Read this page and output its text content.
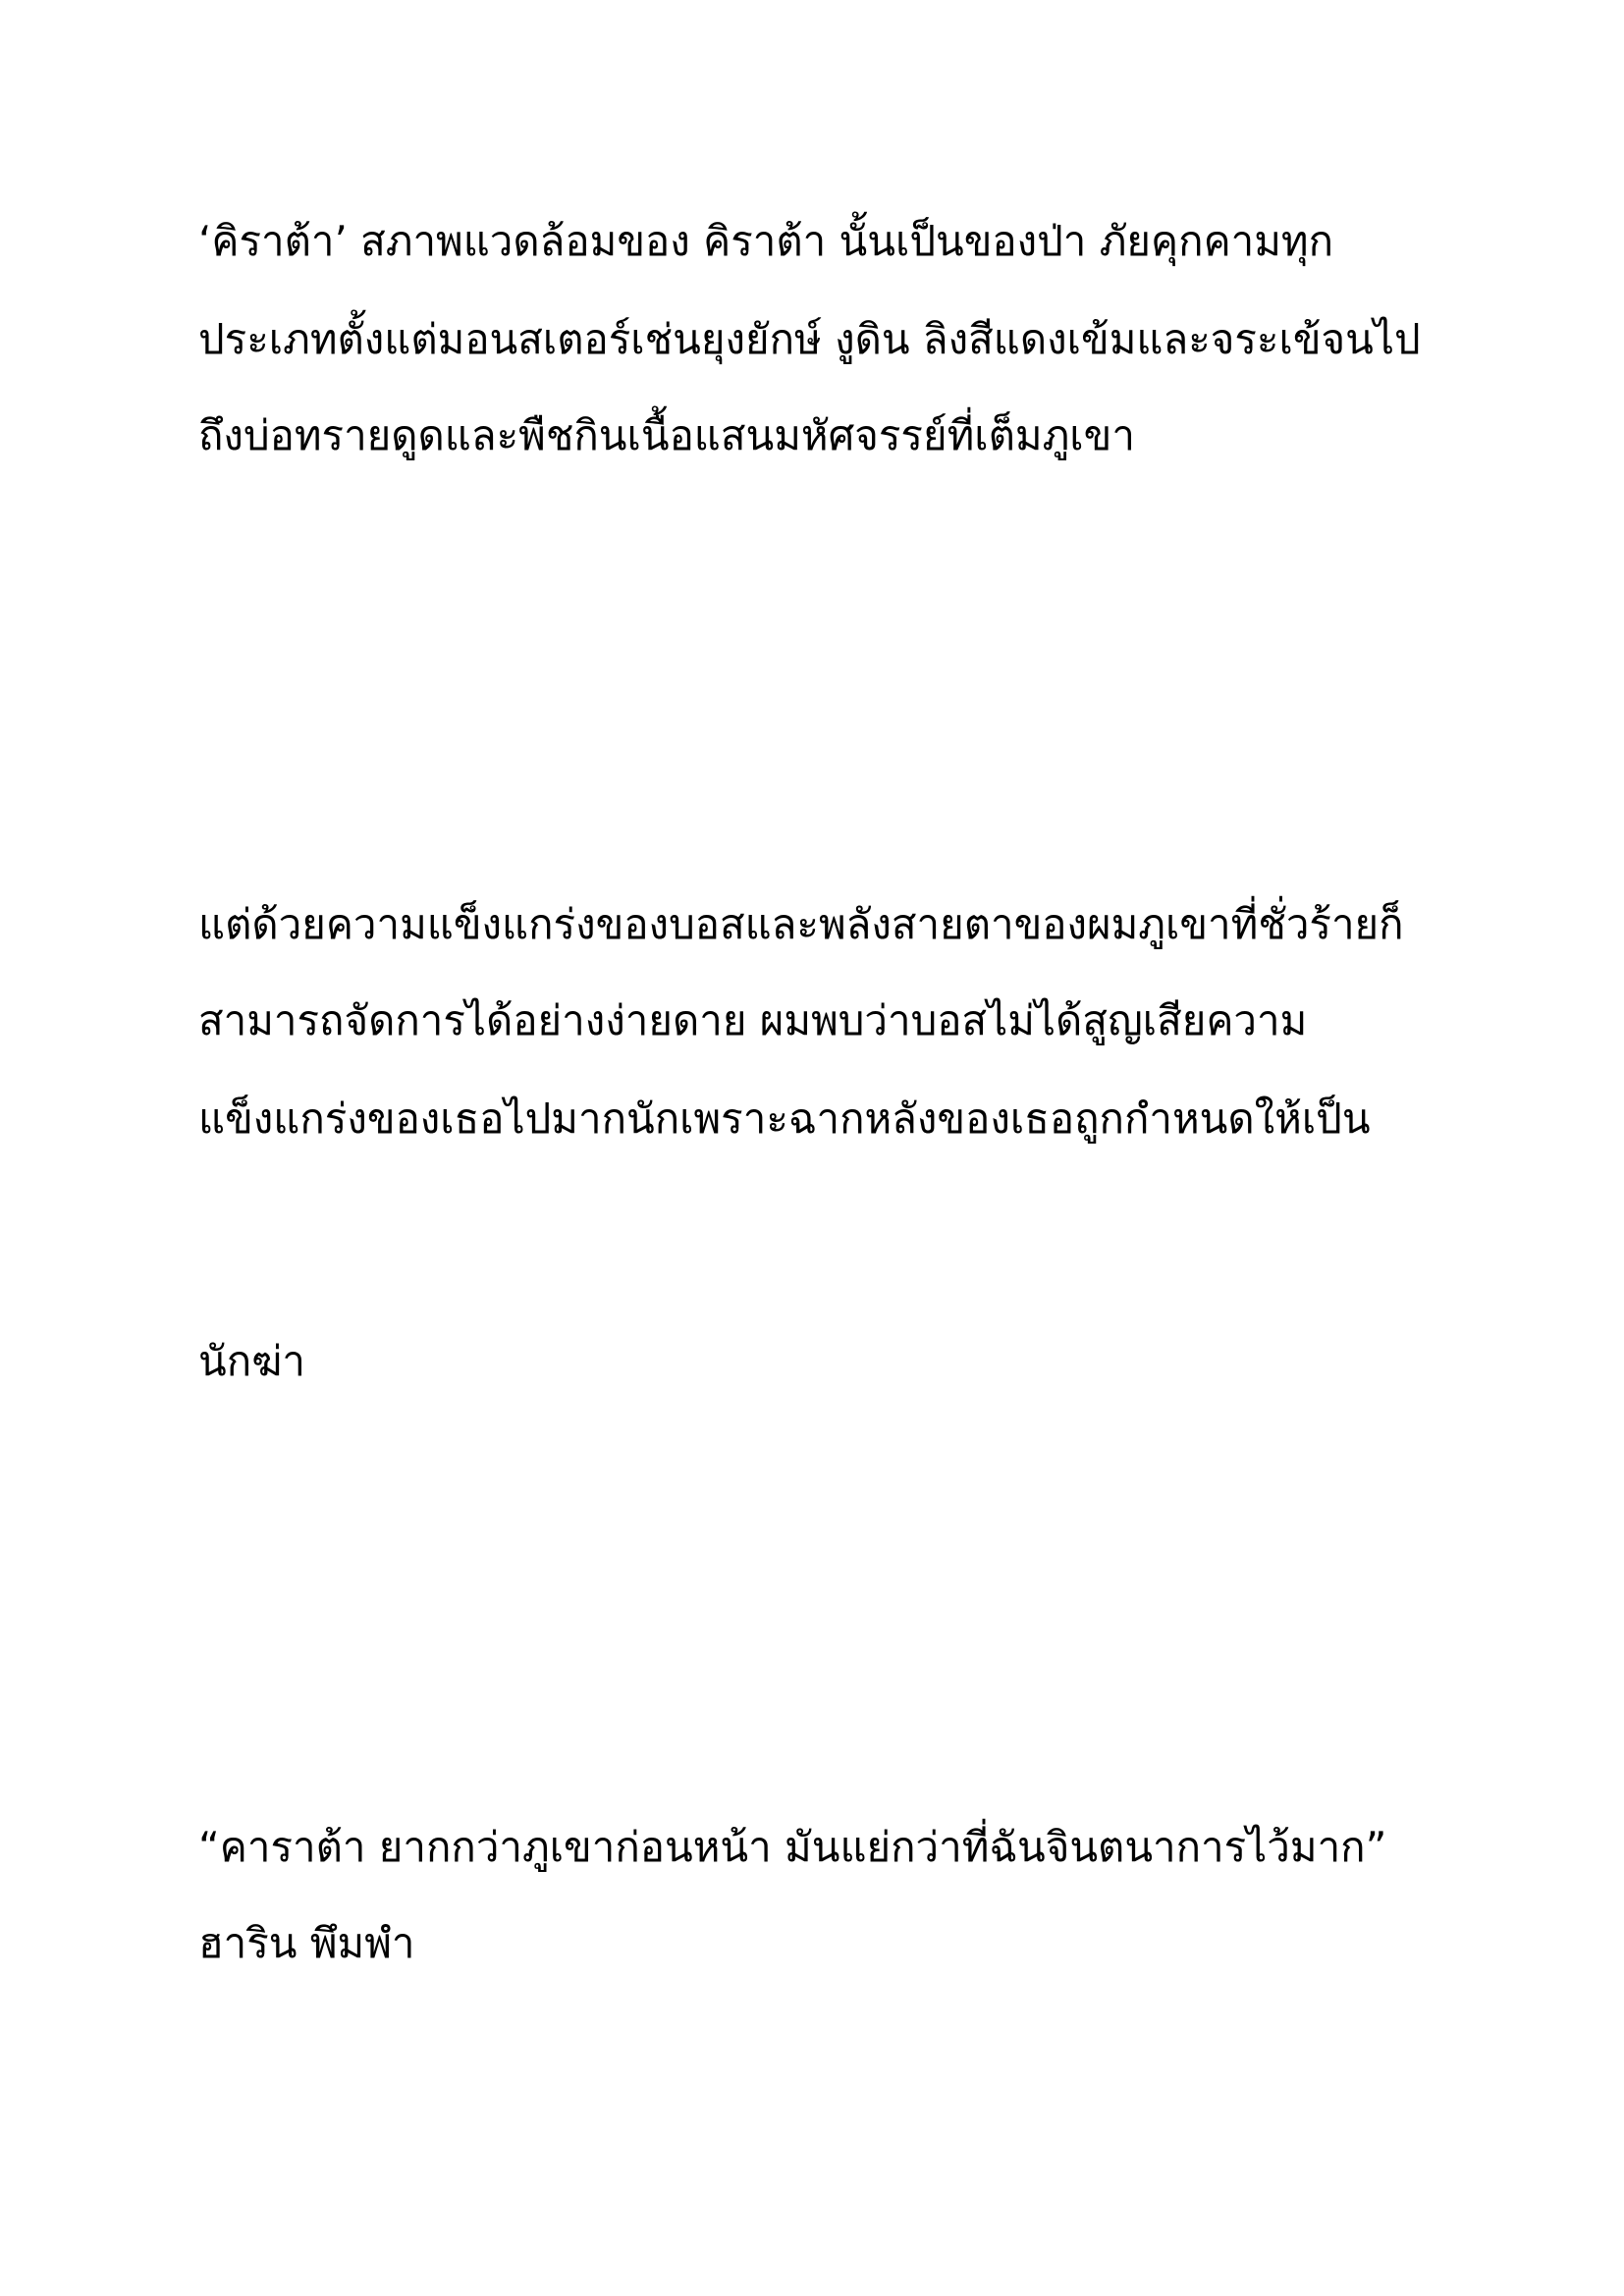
‘คิราต้า’ สภาพแวดล้อมของ คิราต้า นั้นเป็นของป่า ภัยคุกคามทุก
ประเภทตั้งแต่มอนสเตอร์เช่นยุงยักษ์ งูดิน ลิงสีแดงเข้มและจระเข้จนไป
ถึงบ่อทรายดูดและพืชกินเนื้อแสนมหัศจรรย์ที่เต็มภูเขา
แต่ด้วยความแข็งแกร่งของบอสและพลังสายตาของผมภูเขาที่ชั่วร้ายก็
สามารถจัดการได้อย่างง่ายดาย ผมพบว่าบอสไม่ได้สูญเสียความ
แข็งแกร่งของเธอไปมากนักเพราะฉากหลังของเธอถูกกำหนดให้เป็น
นักฆ่า
“คาราต้า ยากกว่าภูเขาก่อนหน้า มันแย่กว่าที่ฉันจินตนาการไว้มาก”
ฮาริน พึมพำ
